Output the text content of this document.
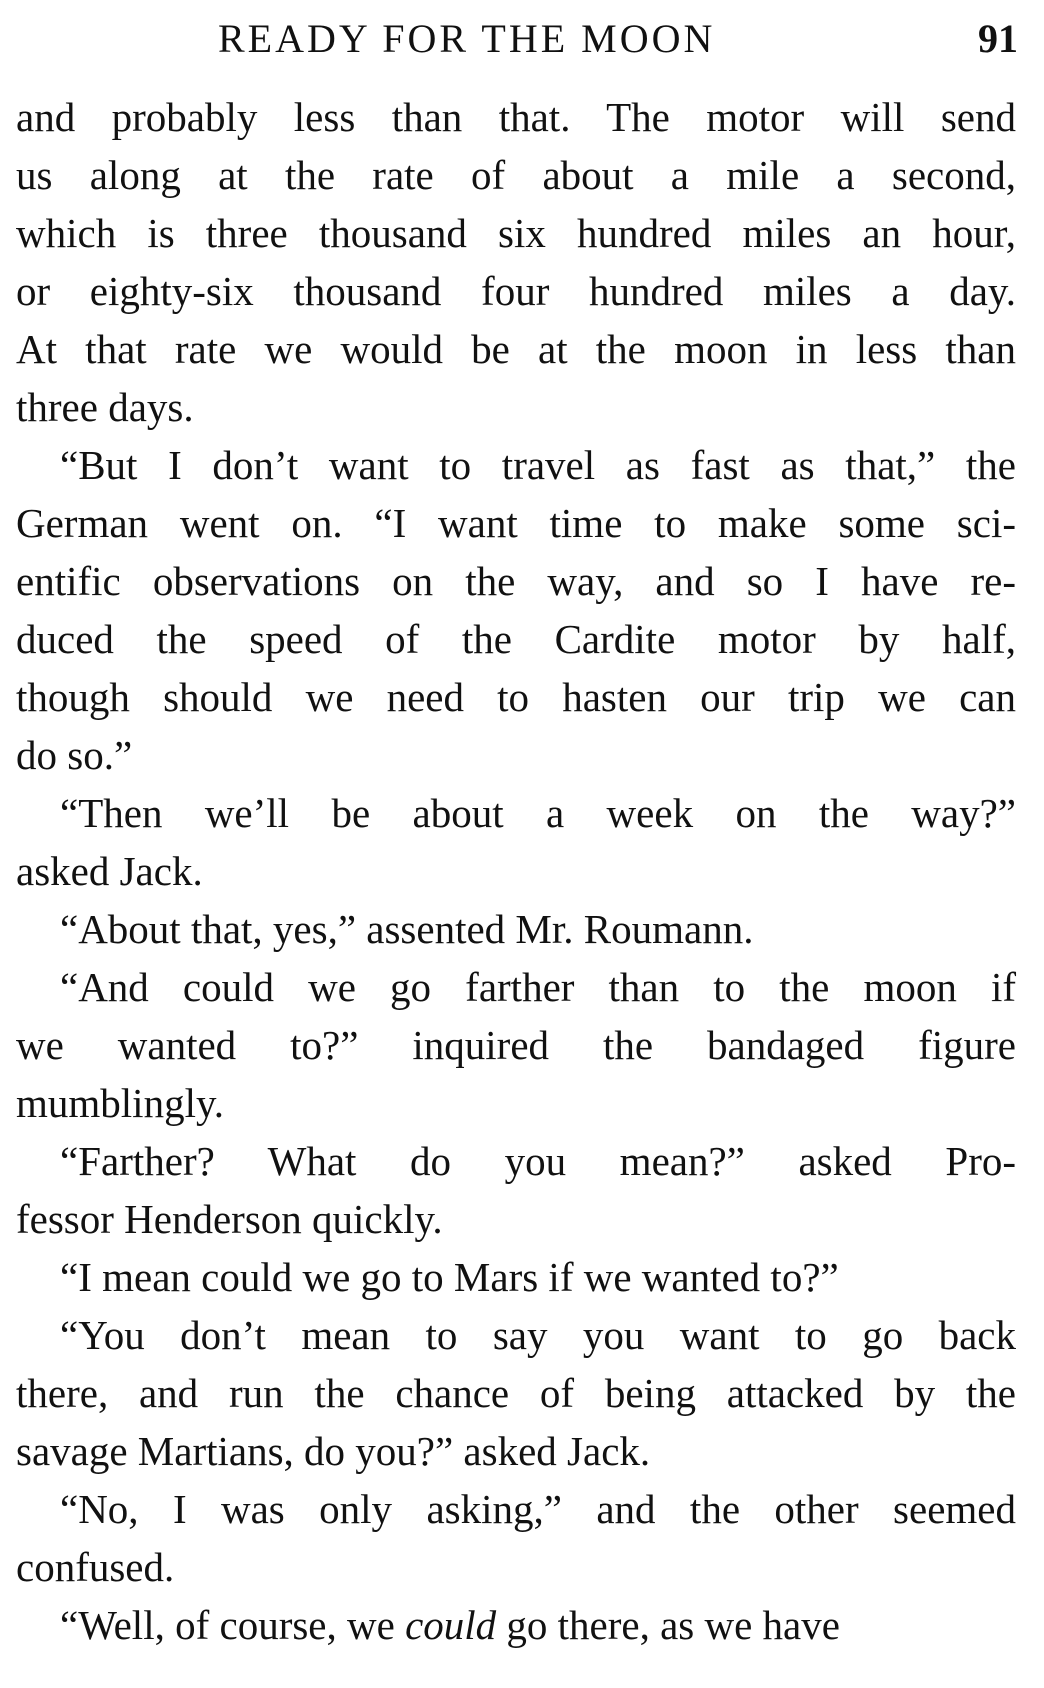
READY FOR THE MOON	91
and probably less than that. The motor will send
us along at the rate of about a mile a second,
which is three thousand six hundred miles an hour,
or eighty-six thousand four hundred miles a day.
At that rate we would be at the moon in less than
three days.
“But I don’t want to travel as fast as that,” the
German went on. “I want time to make some sci-
entific observations on the way, and so I have re-
duced the speed of the Cardite motor by half,
though should we need to hasten our trip we can
do so.”
“Then we’ll be about a week on the way?”
asked Jack.
“About that, yes,” assented Mr. Roumann.
“And could we go farther than to the moon if
we wanted to?” inquired the bandaged figure
mumblingly.
“Farther? What do you mean?” asked Pro-
fessor Henderson quickly.
“I mean could we go to Mars if we wanted to?”
“You don’t mean to say you want to go back
there, and run the chance of being attacked by the
savage Martians, do you?” asked Jack.
“No, I was only asking,” and the other seemed
confused.
“Well, of course, we could go there, as we have
